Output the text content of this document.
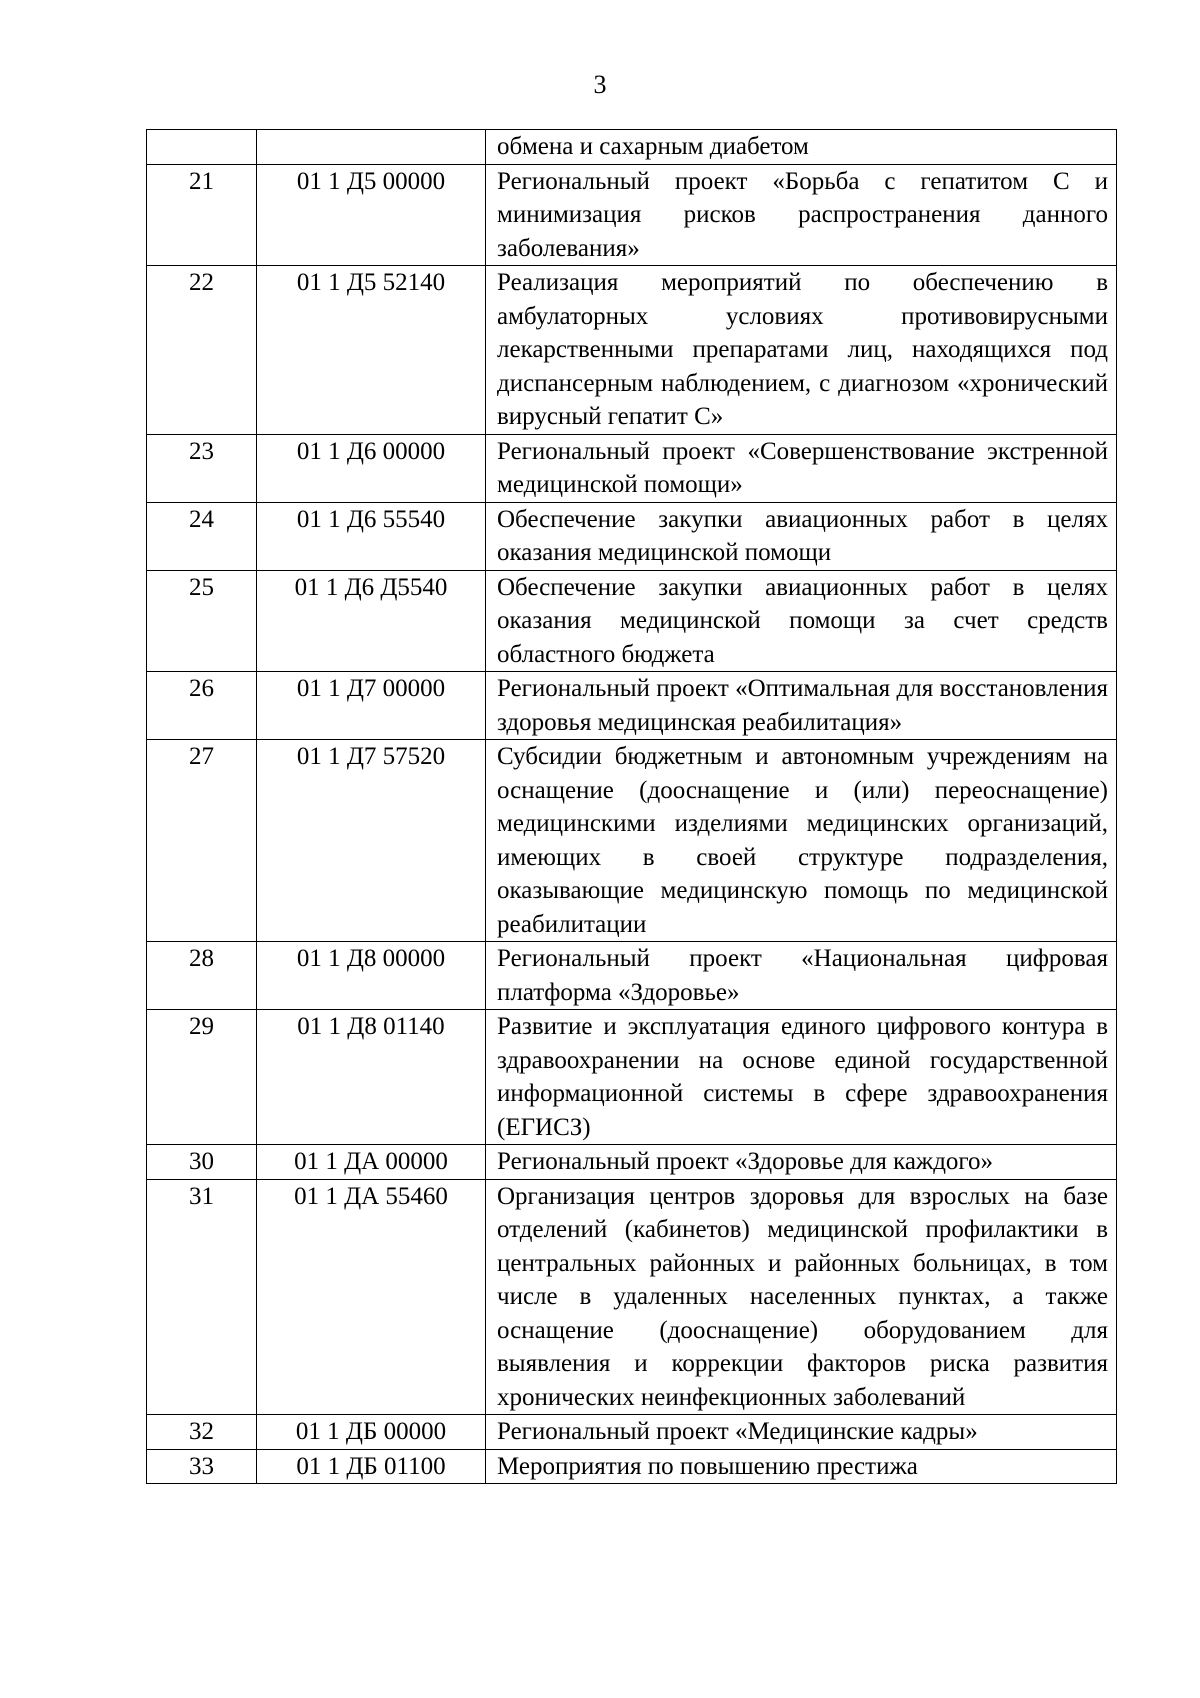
3
		обмена и сахарным диабетом
21	01 1 Д5 00000	Региональный проект «Борьба с гепатитом С и минимизация рисков распространения данного заболевания»
22	01 1 Д5 52140	Реализация мероприятий по обеспечению в амбулаторных условиях противовирусными лекарственными препаратами лиц, находящихся под диспансерным наблюдением, с диагнозом «хронический вирусный гепатит С»
23	01 1 Д6 00000	Региональный проект «Совершенствование экстренной медицинской помощи»
24	01 1 Д6 55540	Обеспечение закупки авиационных работ в целях оказания медицинской помощи
25	01 1 Д6 Д5540	Обеспечение закупки авиационных работ в целях оказания медицинской помощи за счет средств областного бюджета
26	01 1 Д7 00000	Региональный проект «Оптимальная для восстановления здоровья медицинская реабилитация»
27	01 1 Д7 57520	Субсидии бюджетным и автономным учреждениям на оснащение (дооснащение и (или) переоснащение) медицинскими изделиями медицинских организаций, имеющих в своей структуре подразделения, оказывающие медицинскую помощь по медицинской реабилитации
28	01 1 Д8 00000	Региональный проект «Национальная цифровая платформа «Здоровье»
29	01 1 Д8 01140	Развитие и эксплуатация единого цифрового контура в здравоохранении на основе единой государственной информационной системы в сфере здравоохранения (ЕГИСЗ)
30	01 1 ДА 00000	Региональный проект «Здоровье для каждого»
31	01 1 ДА 55460	Организация центров здоровья для взрослых на базе отделений (кабинетов) медицинской профилактики в центральных районных и районных больницах, в том числе в удаленных населенных пунктах, а также оснащение (дооснащение) оборудованием для выявления и коррекции факторов риска развития хронических неинфекционных заболеваний
32	01 1 ДБ 00000	Региональный проект «Медицинские кадры»
33	01 1 ДБ 01100	Мероприятия по повышению престижа
